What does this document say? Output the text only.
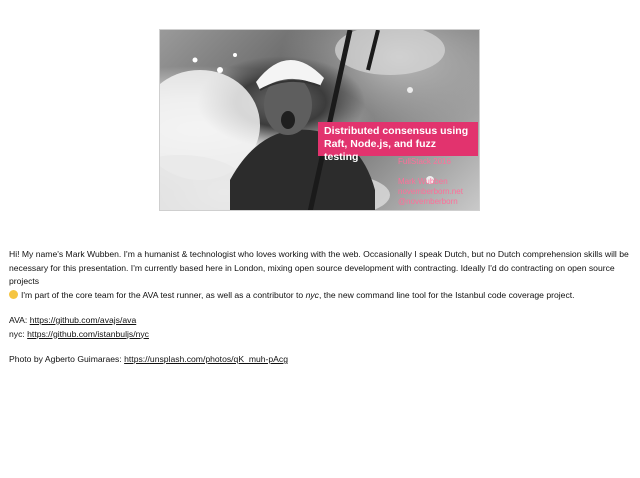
Distributed consensus using
Raft, Node.js, and fuzz testing	FullStack 2016
Mark Wubben
novemberborn.net
@novemberborn

Hi! My name's Mark Wubben. I'm a humanist & technologist who loves working with the web. Occasionally I speak Dutch, but no Dutch comprehension skills will be

necessary for this presentation. I'm currently based here in London, mixing open source development with contracting. Ideally I'd do contracting on open source projects

I'm part of the core team for the AVA test runner, as well as a contributor to nyc, the new command line tool for the Istanbul code coverage project.

AVA: https://github.com/avajs/ava

nyc: https://github.com/istanbuljs/nyc

Photo by Agberto Guimaraes: https://unsplash.com/photos/qK_muh-pAcg
